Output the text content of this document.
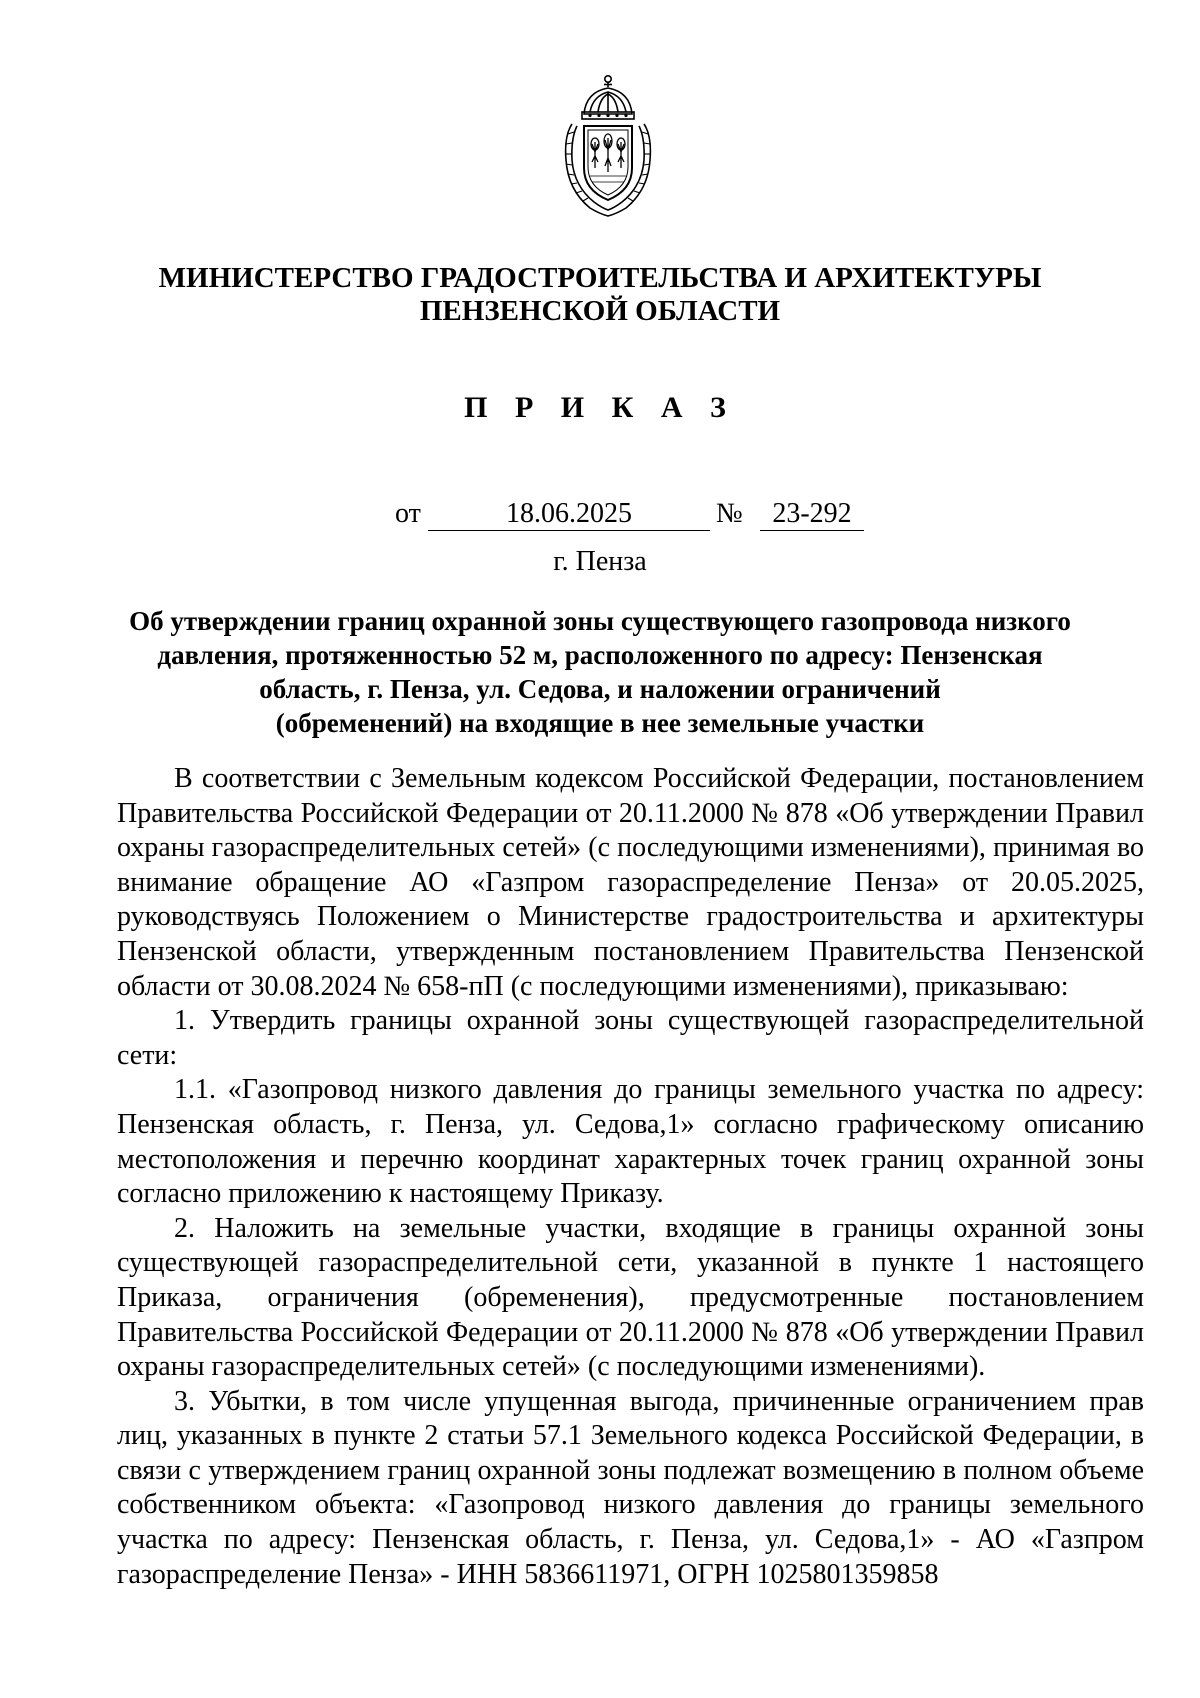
МИНИСТЕРСТВО ГРАДОСТРОИТЕЛЬСТВА И АРХИТЕКТУРЫ
ПЕНЗЕНСКОЙ ОБЛАСТИ
П Р И К А З
от	18.06.2025	№	23-292
г. Пенза
Об утверждении границ охранной зоны существующего газопровода низкого
давления, протяженностью 52 м, расположенного по адресу: Пензенская
область, г. Пенза, ул. Седова, и наложении ограничений
(обременений) на входящие в нее земельные участки

В соответствии с Земельным кодексом Российской Федерации, постановлением Правительства Российской Федерации от 20.11.2000 № 878 «Об утверждении Правил охраны газораспределительных сетей» (с последующими изменениями), принимая во внимание обращение АО «Газпром газораспределение Пенза» от 20.05.2025, руководствуясь Положением о Министерстве градостроительства и архитектуры Пензенской области, утвержденным постановлением Правительства Пензенской области от 30.08.2024 № 658-пП (с последующими изменениями), приказываю:

1. Утвердить границы охранной зоны существующей газораспределительной сети:

1.1. «Газопровод низкого давления до границы земельного участка по адресу: Пензенская область, г. Пенза, ул. Седова,1» согласно графическому описанию местоположения и перечню координат характерных точек границ охранной зоны согласно приложению к настоящему Приказу.

2. Наложить на земельные участки, входящие в границы охранной зоны существующей газораспределительной сети, указанной в пункте 1 настоящего Приказа, ограничения (обременения), предусмотренные постановлением Правительства Российской Федерации от 20.11.2000 № 878 «Об утверждении Правил охраны газораспределительных сетей» (с последующими изменениями).

3. Убытки, в том числе упущенная выгода, причиненные ограничением прав лиц, указанных в пункте 2 статьи 57.1 Земельного кодекса Российской Федерации, в связи с утверждением границ охранной зоны подлежат возмещению в полном объеме собственником объекта: «Газопровод низкого давления до границы земельного участка по адресу: Пензенская область, г. Пенза, ул. Седова,1» - АО «Газпром газораспределение Пенза» - ИНН 5836611971, ОГРН 1025801359858
